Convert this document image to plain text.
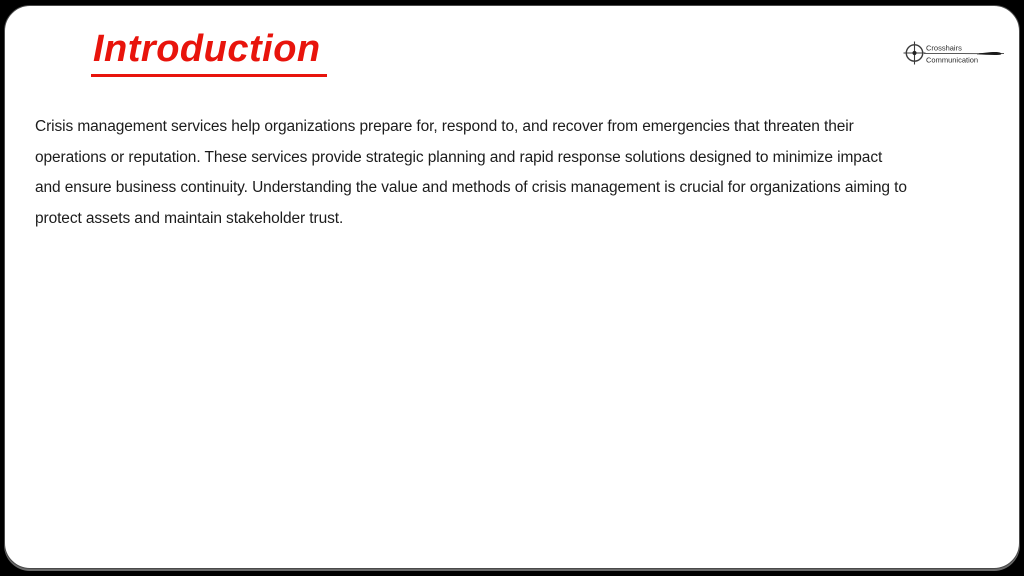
Introduction	Crosshairs
Communication
Crisis management services help organizations prepare for, respond to, and recover from emergencies that threaten their
operations or reputation. These services provide strategic planning and rapid response solutions designed to minimize impact
and ensure business continuity. Understanding the value and methods of crisis management is crucial for organizations aiming to
protect assets and maintain stakeholder trust.
